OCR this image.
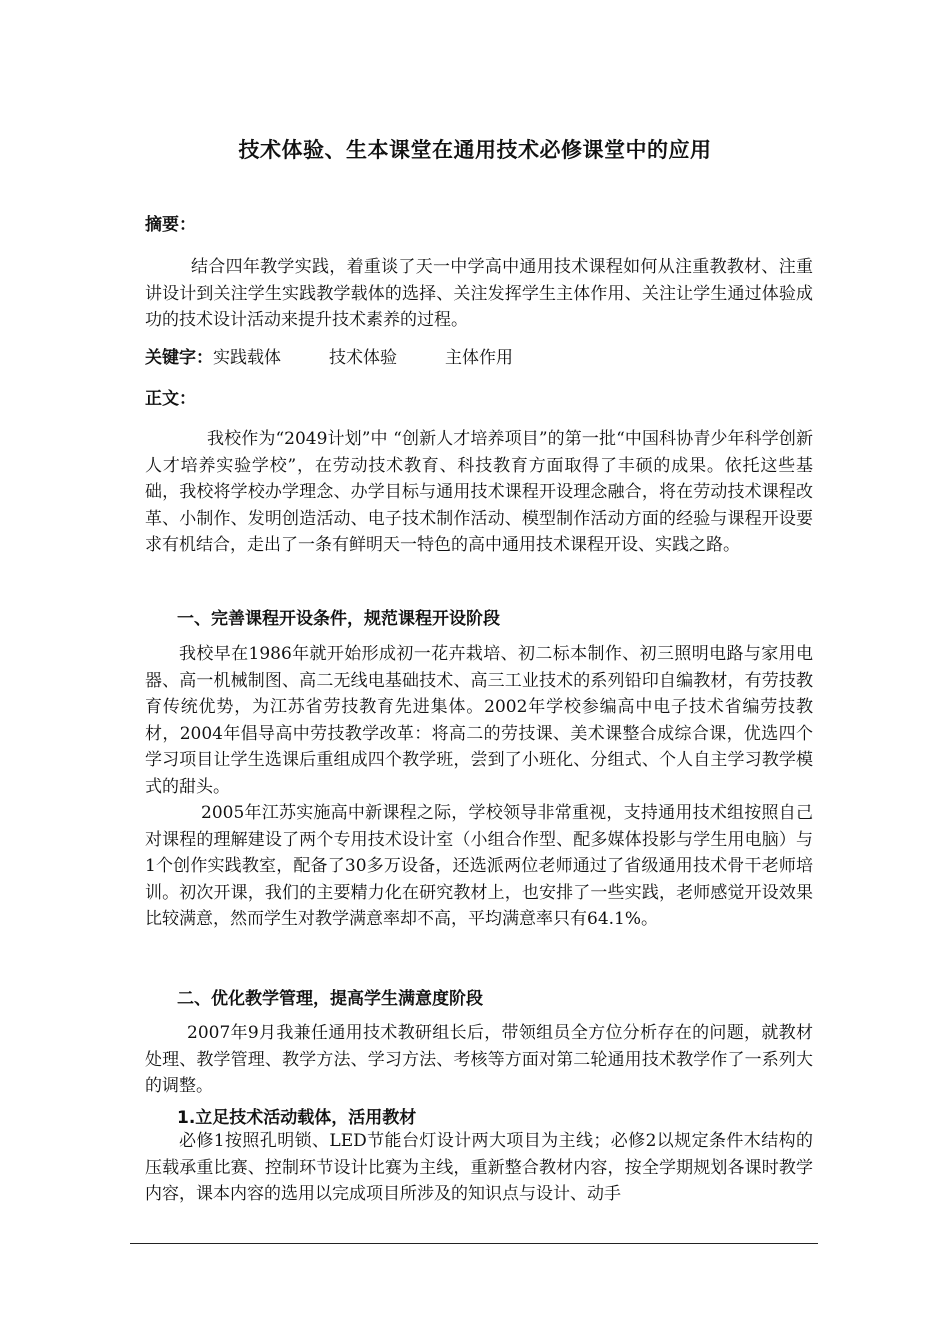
技术体验、生本课堂在通用技术必修课堂中的应用
摘要：

结合四年教学实践，着重谈了天一中学高中通用技术课程如何从注重教教材、注重讲设计到关注学生实践教学载体的选择、关注发挥学生主体作用、关注让学生通过体验成功的技术设计活动来提升技术素养的过程。

关键字：实践载体	技术体验	主体作用
正文：

我校作为“2049计划”中 “创新人才培养项目”的第一批“中国科协青少年科学创新人才培养实验学校”，在劳动技术教育、科技教育方面取得了丰硕的成果。依托这些基础，我校将学校办学理念、办学目标与通用技术课程开设理念融合，将在劳动技术课程改革、小制作、发明创造活动、电子技术制作活动、模型制作活动方面的经验与课程开设要求有机结合，走出了一条有鲜明天一特色的高中通用技术课程开设、实践之路。

一、完善课程开设条件，规范课程开设阶段

我校早在1986年就开始形成初一花卉栽培、初二标本制作、初三照明电路与家用电器、高一机械制图、高二无线电基础技术、高三工业技术的系列铅印自编教材，有劳技教育传统优势，为江苏省劳技教育先进集体。2002年学校参编高中电子技术省编劳技教材，2004年倡导高中劳技教学改革：将高二的劳技课、美术课整合成综合课，优选四个学习项目让学生选课后重组成四个教学班，尝到了小班化、分组式、个人自主学习教学模式的甜头。

2005年江苏实施高中新课程之际，学校领导非常重视，支持通用技术组按照自己对课程的理解建设了两个专用技术设计室（小组合作型、配多媒体投影与学生用电脑）与1个创作实践教室，配备了30多万设备，还选派两位老师通过了省级通用技术骨干老师培训。初次开课，我们的主要精力化在研究教材上，也安排了一些实践，老师感觉开设效果比较满意，然而学生对教学满意率却不高，平均满意率只有64.1%。

二、优化教学管理，提高学生满意度阶段

2007年9月我兼任通用技术教研组长后，带领组员全方位分析存在的问题，就教材处理、教学管理、教学方法、学习方法、考核等方面对第二轮通用技术教学作了一系列大的调整。

1.立足技术活动载体，活用教材

必修1按照孔明锁、LED节能台灯设计两大项目为主线；必修2以规定条件木结构的压载承重比赛、控制环节设计比赛为主线，重新整合教材内容，按全学期规划各课时教学内容，课本内容的选用以完成项目所涉及的知识点与设计、动手
